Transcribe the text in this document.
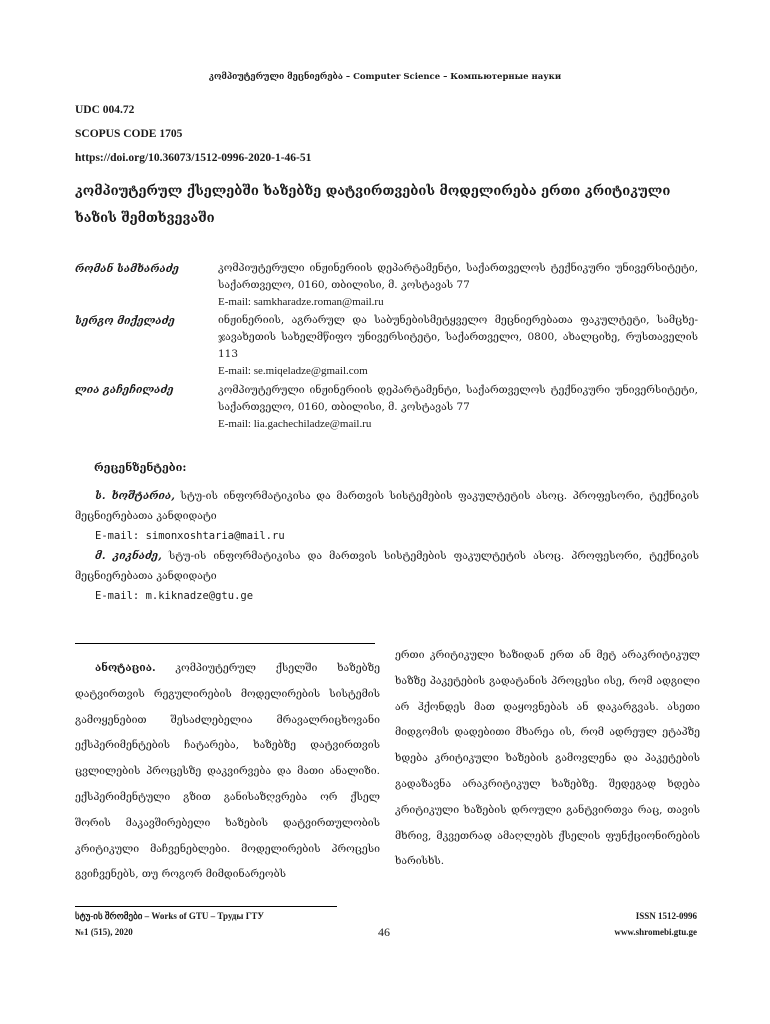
კომპიუტერული მეცნიერება – Computer Science – Компьютерные науки
UDC 004.72
SCOPUS CODE 1705
https://doi.org/10.36073/1512-0996-2020-1-46-51
კომპიუტერულ ქსელებში ხაზებზე დატვირთვების მოდელირება ერთი კრიტიკული ხაზის შემთხვევაში
რომან სამხარაძე	კომპიუტერული ინჟინერიის დეპარტამენტი, საქართველოს ტექნიკური უნივერსიტეტი, საქართველო, 0160, თბილისი, მ. კოსტავას 77
E-mail: samkharadze.roman@mail.ru
სერგო მიქელაძე	ინჟინერიის, აგრარულ და საბუნებისმეტყველო მეცნიერებათა ფაკულტეტი, სამცხე-ჯავახეთის სახელმწიფო უნივერსიტეტი, საქართველო, 0800, ახალციხე, რუსთაველის 113
E-mail: se.miqeladze@gmail.com
ლია გაჩეჩილაძე	კომპიუტერული ინჟინერიის დეპარტამენტი, საქართველოს ტექნიკური უნივერსიტეტი, საქართველო, 0160, თბილისი, მ. კოსტავას 77
E-mail: lia.gachechiladze@mail.ru
რეცენზენტები:
ს. ხოშტარია, სტუ-ის ინფორმატიკისა და მართვის სისტემების ფაკულტეტის ასოც. პროფესორი, ტექნიკის მეცნიერებათა კანდიდატი
E-mail: simonxoshtaria@mail.ru
მ. კიკნაძე, სტუ-ის ინფორმატიკისა და მართვის სისტემების ფაკულტეტის ასოც. პროფესორი, ტექნიკის მეცნიერებათა კანდიდატი
E-mail: m.kiknadze@gtu.ge
ანოტაცია. კომპიუტერულ ქსელში ხაზებზე დატვირთვის რეგულირების მოდელირების სისტემის გამოყენებით შესაძლებელია მრავალრიცხოვანი ექსპერიმენტების ჩატარება, ხაზებზე დატვირთვის ცვლილების პროცესზე დაკვირვება და მათი ანალიზი. ექსპერიმენტული გზით განისაზღვრება ორ ქსელ შორის მაკავშირებელი ხაზების დატვირთულობის კრიტიკული მაჩვენებლები. მოდელირების პროცესი გვიჩვენებს, თუ როგორ მიმდინარეობს
ერთი კრიტიკული ხაზიდან ერთ ან მეტ არაკრიტიკულ ხაზზე პაკეტების გადატანის პროცესი ისე, რომ ადგილი არ ჰქონდეს მათ დაყოვნებას ან დაკარგვას. ასეთი მიდგომის დადებითი მხარეა ის, რომ ადრეულ ეტაპზე ხდება კრიტიკული ხაზების გამოვლენა და პაკეტების გადაზავნა არაკრიტიკულ ხაზებზე. შედეგად ხდება კრიტიკული ხაზების დროული განტვირთვა რაც, თავის მხრივ, მკვეთრად ამაღლებს ქსელის ფუნქციონირების ხარისხს.
სტუ-ის შრომები – Works of GTU – Труды ГТУ
№1 (515), 2020	46
ISSN 1512-0996
www.shromebi.gtu.ge
